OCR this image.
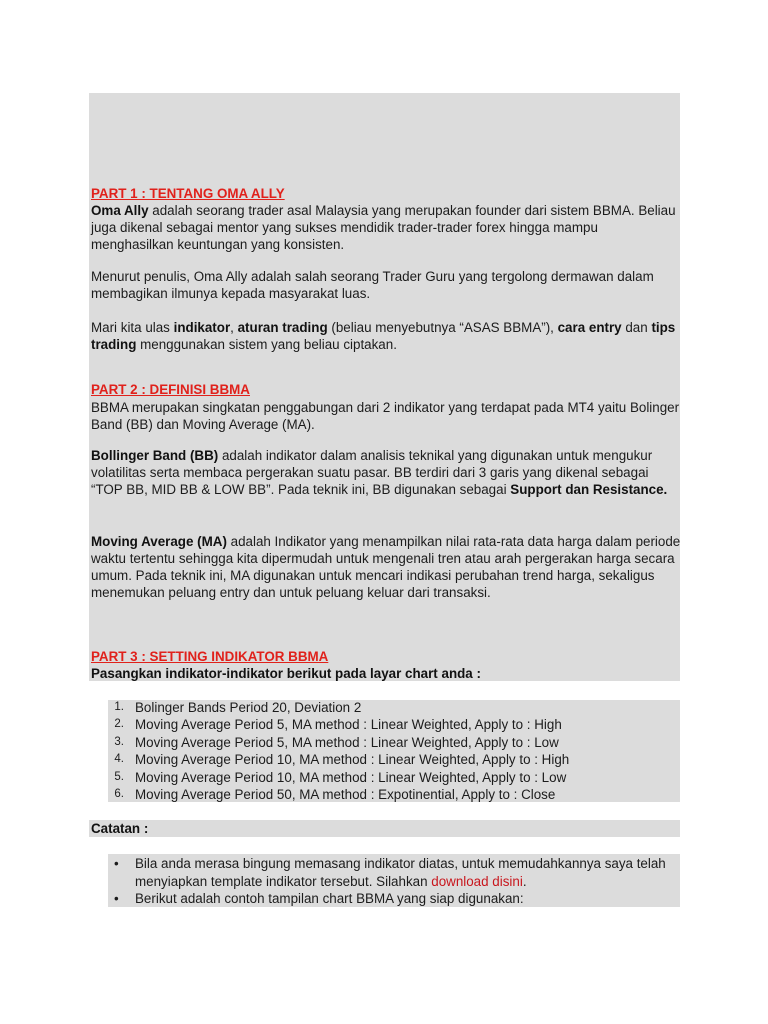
PART 1 : TENTANG OMA ALLY
Oma Ally adalah seorang trader asal Malaysia yang merupakan founder dari sistem BBMA. Beliau juga dikenal sebagai mentor yang sukses mendidik trader-trader forex hingga mampu menghasilkan keuntungan yang konsisten.
Menurut penulis, Oma Ally adalah salah seorang Trader Guru yang tergolong dermawan dalam membagikan ilmunya kepada masyarakat luas.
Mari kita ulas indikator, aturan trading (beliau menyebutnya “ASAS BBMA”), cara entry dan tips trading menggunakan sistem yang beliau ciptakan.
PART 2 : DEFINISI BBMA
BBMA merupakan singkatan penggabungan dari 2 indikator yang terdapat pada MT4 yaitu Bolinger Band (BB) dan Moving Average (MA).
Bollinger Band (BB) adalah indikator dalam analisis teknikal yang digunakan untuk mengukur volatilitas serta membaca pergerakan suatu pasar. BB terdiri dari 3 garis yang dikenal sebagai “TOP BB, MID BB & LOW BB”. Pada teknik ini, BB digunakan sebagai Support dan Resistance.
Moving Average (MA) adalah Indikator yang menampilkan nilai rata-rata data harga dalam periode waktu tertentu sehingga kita dipermudah untuk mengenali tren atau arah pergerakan harga secara umum. Pada teknik ini, MA digunakan untuk mencari indikasi perubahan trend harga, sekaligus menemukan peluang entry dan untuk peluang keluar dari transaksi.
PART 3 : SETTING INDIKATOR BBMA
Pasangkan indikator-indikator berikut pada layar chart anda :
1. Bolinger Bands Period 20, Deviation 2
2. Moving Average Period 5, MA method : Linear Weighted, Apply to : High
3. Moving Average Period 5, MA method : Linear Weighted, Apply to : Low
4. Moving Average Period 10, MA method : Linear Weighted, Apply to : High
5. Moving Average Period 10, MA method : Linear Weighted, Apply to : Low
6. Moving Average Period 50, MA method : Expotinential, Apply to : Close
Catatan :
• Bila anda merasa bingung memasang indikator diatas, untuk memudahkannya saya telah menyiapkan template indikator tersebut. Silahkan download disini.
• Berikut adalah contoh tampilan chart BBMA yang siap digunakan:
